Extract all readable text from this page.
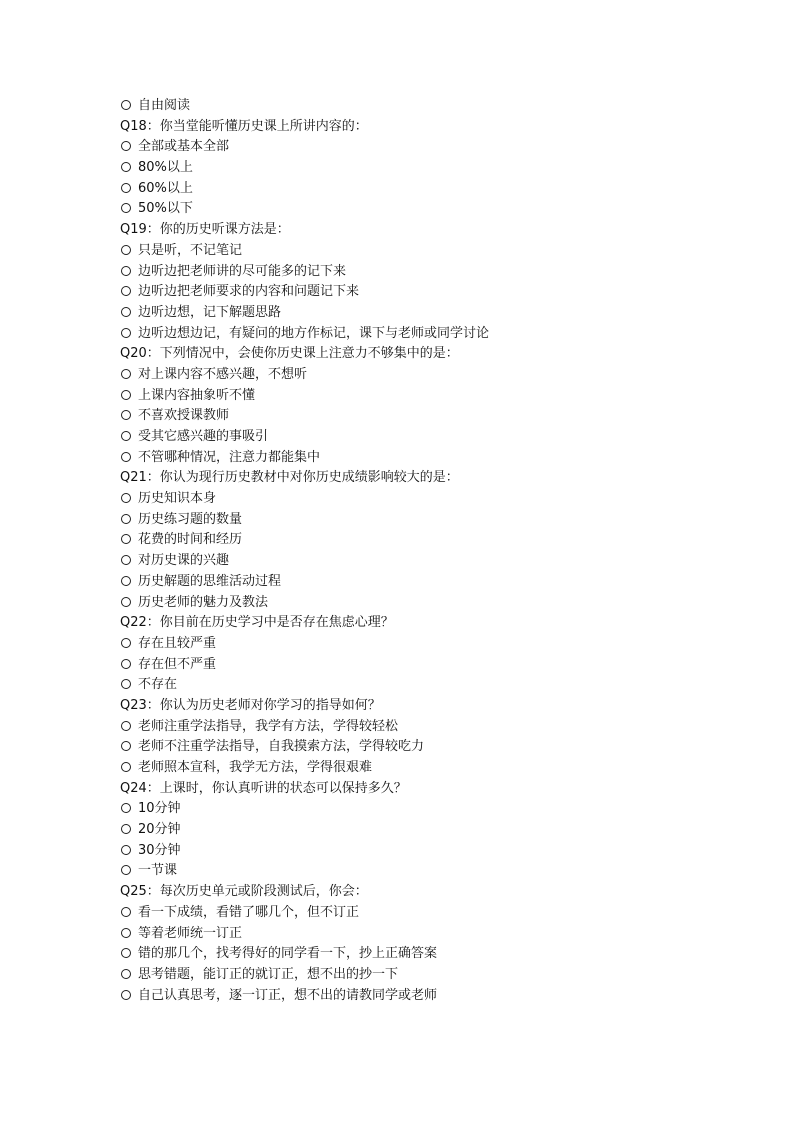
自由阅读
Q18：你当堂能听懂历史课上所讲内容的：
全部或基本全部
80%以上
60%以上
50%以下
Q19：你的历史听课方法是：
只是听，不记笔记
边听边把老师讲的尽可能多的记下来
边听边把老师要求的内容和问题记下来
边听边想，记下解题思路
边听边想边记，有疑问的地方作标记，课下与老师或同学讨论
Q20：下列情况中，会使你历史课上注意力不够集中的是：
对上课内容不感兴趣，不想听
上课内容抽象听不懂
不喜欢授课教师
受其它感兴趣的事吸引
不管哪种情况，注意力都能集中
Q21：你认为现行历史教材中对你历史成绩影响较大的是：
历史知识本身
历史练习题的数量
花费的时间和经历
对历史课的兴趣
历史解题的思维活动过程
历史老师的魅力及教法
Q22：你目前在历史学习中是否存在焦虑心理？
存在且较严重
存在但不严重
不存在
Q23：你认为历史老师对你学习的指导如何？
老师注重学法指导，我学有方法，学得较轻松
老师不注重学法指导，自我摸索方法，学得较吃力
老师照本宣科，我学无方法，学得很艰难
Q24：上课时，你认真听讲的状态可以保持多久？
10分钟
20分钟
30分钟
一节课
Q25：每次历史单元或阶段测试后，你会：
看一下成绩，看错了哪几个，但不订正
等着老师统一订正
错的那几个，找考得好的同学看一下，抄上正确答案
思考错题，能订正的就订正，想不出的抄一下
自己认真思考，逐一订正，想不出的请教同学或老师
